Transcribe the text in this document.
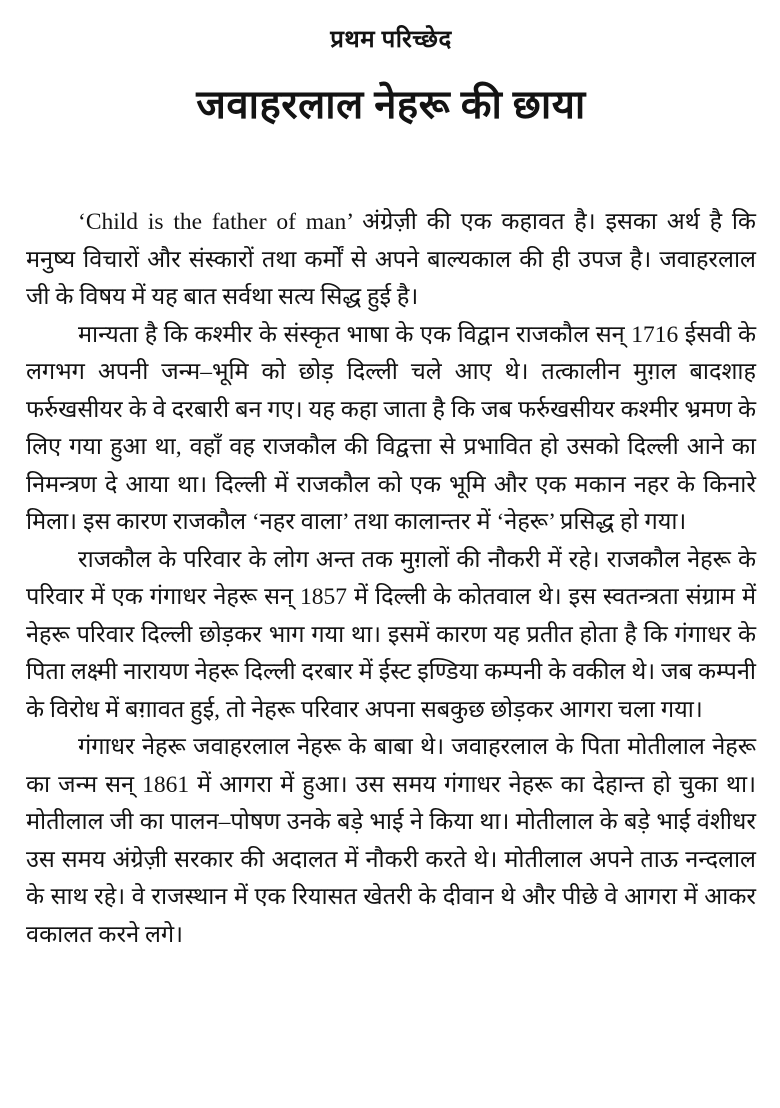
प्रथम परिच्छेद
जवाहरलाल नेहरू की छाया

‘Child is the father of man’ अंग्रेज़ी की एक कहावत है। इसका अर्थ है कि मनुष्य विचारों और संस्कारों तथा कर्मों से अपने बाल्यकाल की ही उपज है। जवाहरलाल जी के विषय में यह बात सर्वथा सत्य सिद्ध हुई है।

मान्यता है कि कश्मीर के संस्कृत भाषा के एक विद्वान राजकौल सन् 1716 ईसवी के लगभग अपनी जन्म–भूमि को छोड़ दिल्ली चले आए थे। तत्कालीन मुग़ल बादशाह फर्रुखसीयर के वे दरबारी बन गए। यह कहा जाता है कि जब फर्रुखसीयर कश्मीर भ्रमण के लिए गया हुआ था, वहाँ वह राजकौल की विद्वत्ता से प्रभावित हो उसको दिल्ली आने का निमन्त्रण दे आया था। दिल्ली में राजकौल को एक भूमि और एक मकान नहर के किनारे मिला। इस कारण राजकौल ‘नहर वाला’ तथा कालान्तर में ‘नेहरू’ प्रसिद्ध हो गया।

राजकौल के परिवार के लोग अन्त तक मुग़लों की नौकरी में रहे। राजकौल नेहरू के परिवार में एक गंगाधर नेहरू सन् 1857 में दिल्ली के कोतवाल थे। इस स्वतन्त्रता संग्राम में नेहरू परिवार दिल्ली छोड़कर भाग गया था। इसमें कारण यह प्रतीत होता है कि गंगाधर के पिता लक्ष्मी नारायण नेहरू दिल्ली दरबार में ईस्ट इण्डिया कम्पनी के वकील थे। जब कम्पनी के विरोध में बग़ावत हुई, तो नेहरू परिवार अपना सबकुछ छोड़कर आगरा चला गया।

गंगाधर नेहरू जवाहरलाल नेहरू के बाबा थे। जवाहरलाल के पिता मोतीलाल नेहरू का जन्म सन् 1861 में आगरा में हुआ। उस समय गंगाधर नेहरू का देहान्त हो चुका था। मोतीलाल जी का पालन–पोषण उनके बड़े भाई ने किया था। मोतीलाल के बड़े भाई वंशीधर उस समय अंग्रेज़ी सरकार की अदालत में नौकरी करते थे। मोतीलाल अपने ताऊ नन्दलाल के साथ रहे। वे राजस्थान में एक रियासत खेतरी के दीवान थे और पीछे वे आगरा में आकर वकालत करने लगे।
